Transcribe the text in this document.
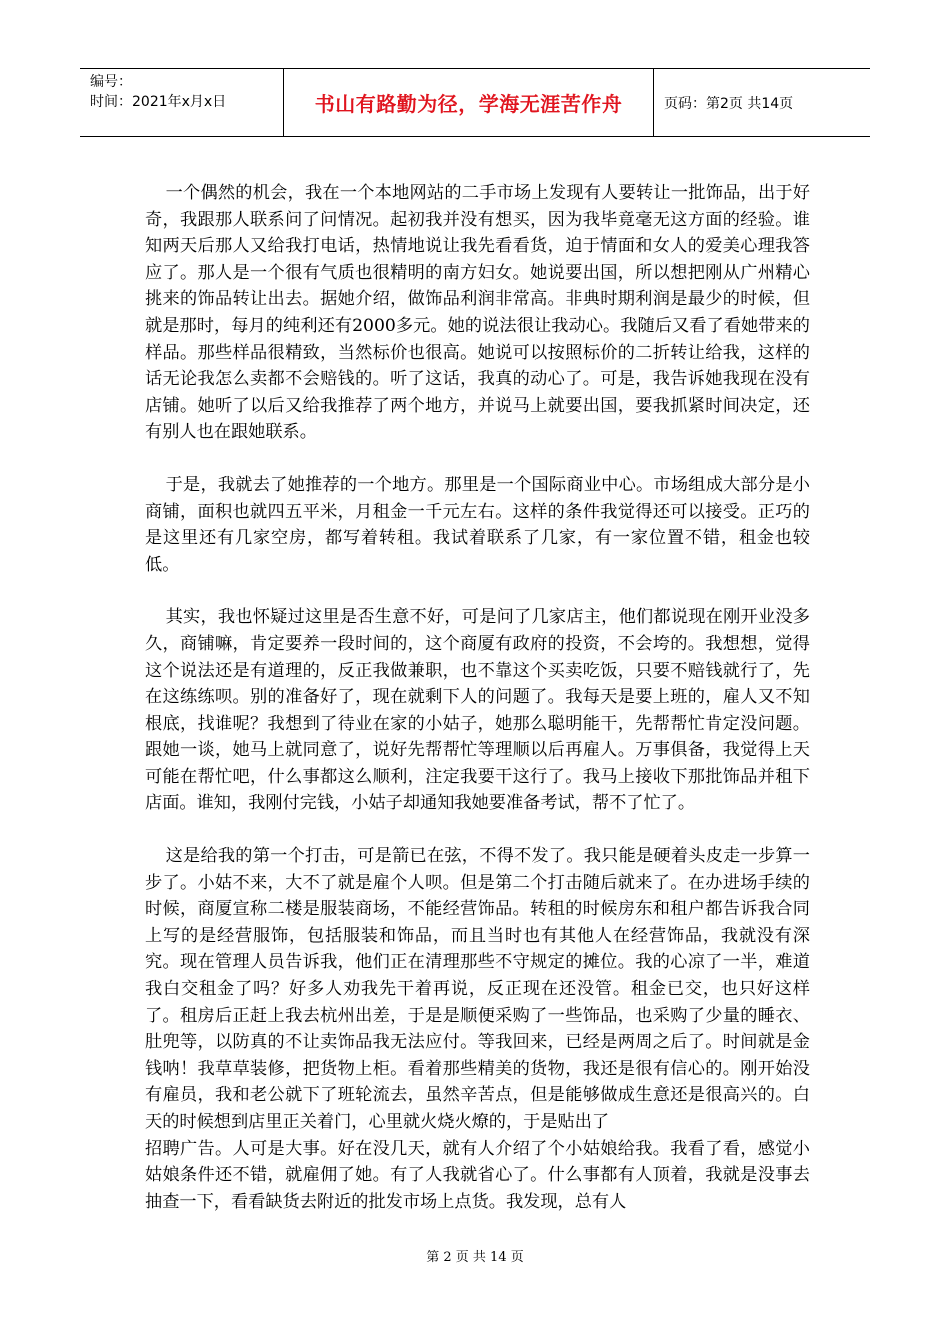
编号：
时间：2021年x月x日	书山有路勤为径，学海无涯苦作舟	页码：第2页 共14页

一个偶然的机会，我在一个本地网站的二手市场上发现有人要转让一批饰品，出于好奇，我跟那人联系问了问情况。起初我并没有想买，因为我毕竟毫无这方面的经验。谁知两天后那人又给我打电话，热情地说让我先看看货，迫于情面和女人的爱美心理我答应了。那人是一个很有气质也很精明的南方妇女。她说要出国，所以想把刚从广州精心挑来的饰品转让出去。据她介绍，做饰品利润非常高。非典时期利润是最少的时候，但就是那时，每月的纯利还有2000多元。她的说法很让我动心。我随后又看了看她带来的样品。那些样品很精致，当然标价也很高。她说可以按照标价的二折转让给我，这样的话无论我怎么卖都不会赔钱的。听了这话，我真的动心了。可是，我告诉她我现在没有店铺。她听了以后又给我推荐了两个地方，并说马上就要出国，要我抓紧时间决定，还有别人也在跟她联系。

于是，我就去了她推荐的一个地方。那里是一个国际商业中心。市场组成大部分是小商铺，面积也就四五平米，月租金一千元左右。这样的条件我觉得还可以接受。正巧的是这里还有几家空房，都写着转租。我试着联系了几家，有一家位置不错，租金也较低。

其实，我也怀疑过这里是否生意不好，可是问了几家店主，他们都说现在刚开业没多久，商铺嘛，肯定要养一段时间的，这个商厦有政府的投资，不会垮的。我想想，觉得这个说法还是有道理的，反正我做兼职，也不靠这个买卖吃饭，只要不赔钱就行了，先在这练练呗。别的准备好了，现在就剩下人的问题了。我每天是要上班的，雇人又不知根底，找谁呢？我想到了待业在家的小姑子，她那么聪明能干，先帮帮忙肯定没问题。跟她一谈，她马上就同意了，说好先帮帮忙等理顺以后再雇人。万事俱备，我觉得上天可能在帮忙吧，什么事都这么顺利，注定我要干这行了。我马上接收下那批饰品并租下店面。谁知，我刚付完钱，小姑子却通知我她要准备考试，帮不了忙了。

这是给我的第一个打击，可是箭已在弦，不得不发了。我只能是硬着头皮走一步算一步了。小姑不来，大不了就是雇个人呗。但是第二个打击随后就来了。在办进场手续的时候，商厦宣称二楼是服装商场，不能经营饰品。转租的时候房东和租户都告诉我合同上写的是经营服饰，包括服装和饰品，而且当时也有其他人在经营饰品，我就没有深究。现在管理人员告诉我，他们正在清理那些不守规定的摊位。我的心凉了一半，难道我白交租金了吗？好多人劝我先干着再说，反正现在还没管。租金已交，也只好这样了。租房后正赶上我去杭州出差，于是是顺便采购了一些饰品，也采购了少量的睡衣、肚兜等，以防真的不让卖饰品我无法应付。等我回来，已经是两周之后了。时间就是金钱呐！我草草装修，把货物上柜。看着那些精美的货物，我还是很有信心的。刚开始没有雇员，我和老公就下了班轮流去，虽然辛苦点，但是能够做成生意还是很高兴的。白天的时候想到店里正关着门，心里就火烧火燎的，于是贴出了

招聘广告。人可是大事。好在没几天，就有人介绍了个小姑娘给我。我看了看，感觉小姑娘条件还不错，就雇佣了她。有了人我就省心了。什么事都有人顶着，我就是没事去抽查一下，看看缺货去附近的批发市场上点货。我发现，总有人

第 2 页 共 14 页
